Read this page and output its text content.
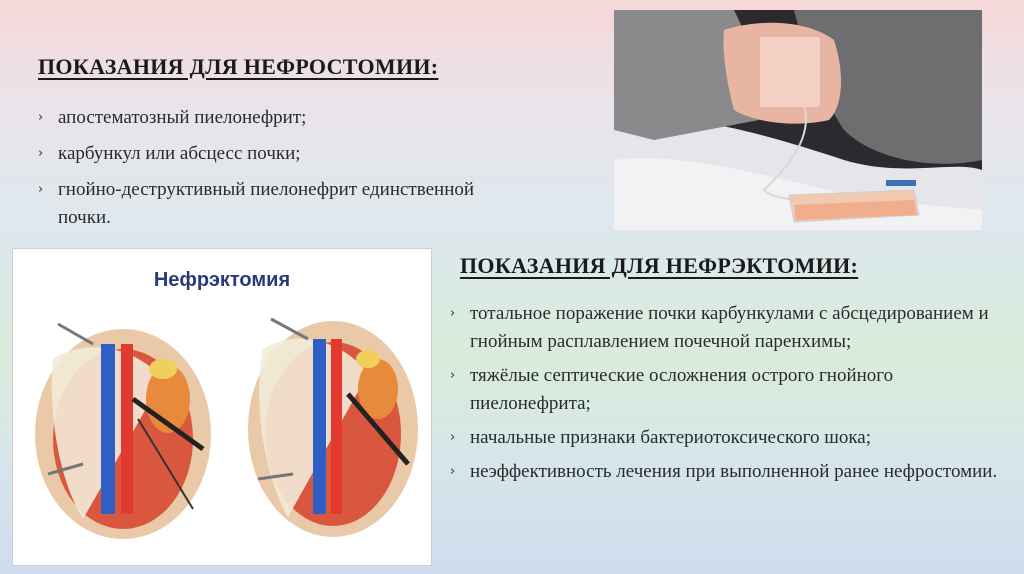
ПОКАЗАНИЯ ДЛЯ НЕФРОСТОМИИ:
› апостематозный пиелонефрит;
› карбункул или абсцесс почки;
› гнойно-деструктивный пиелонефрит единственной почки.
ПОКАЗАНИЯ ДЛЯ НЕФРЭКТОМИИ:
Нефрэктомия
› тотальное поражение почки карбункулами с абсцедированием и гнойным расплавлением почечной паренхимы;
› тяжёлые септические осложнения острого гнойного пиелонефрита;
› начальные признаки бактериотоксического шока;
› неэффективность лечения при выполненной ранее нефростомии.
